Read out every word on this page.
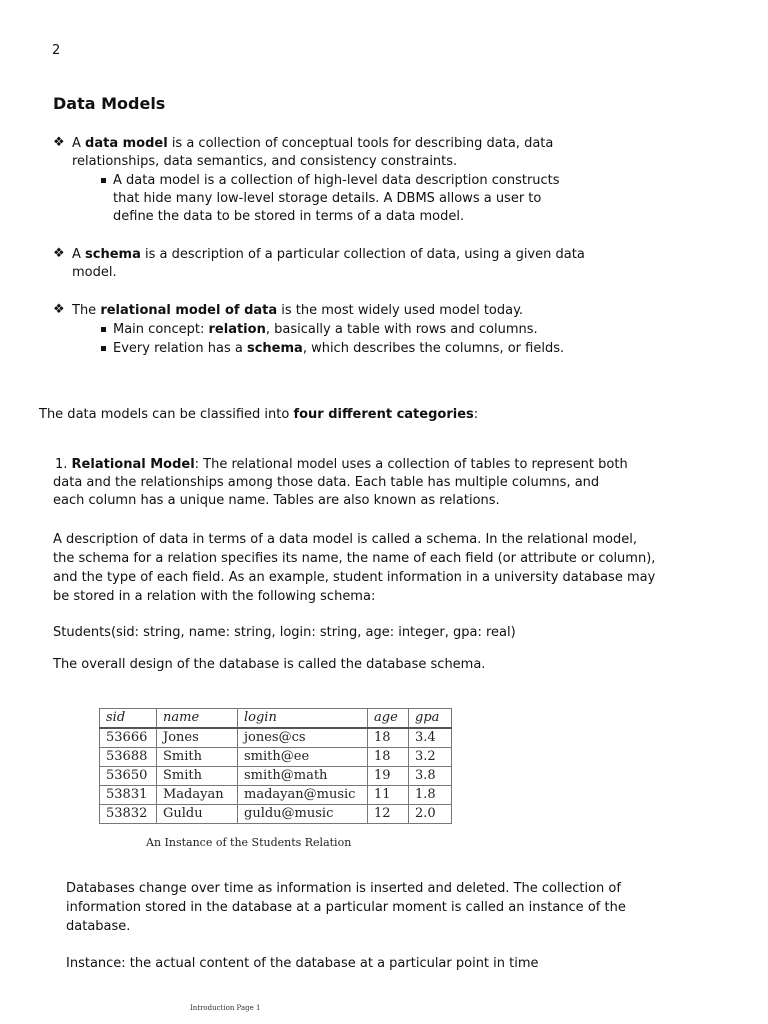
2
Data Models
❖ A data model is a collection of conceptual tools for describing data, data
relationships, data semantics, and consistency constraints.
A data model is a collection of high-level data description constructs
that hide many low-level storage details. A DBMS allows a user to
define the data to be stored in terms of a data model.
❖ A schema is a description of a particular collection of data, using a given data
model.
❖ The relational model of data is the most widely used model today.
Main concept: relation, basically a table with rows and columns.
Every relation has a schema, which describes the columns, or fields.
The data models can be classified into four different categories:
1. Relational Model: The relational model uses a collection of tables to represent both
data and the relationships among those data. Each table has multiple columns, and
each column has a unique name. Tables are also known as relations.
A description of data in terms of a data model is called a schema. In the relational model,
the schema for a relation specifies its name, the name of each field (or attribute or column),
and the type of each field. As an example, student information in a university database may
be stored in a relation with the following schema:
Students(sid: string, name: string, login: string, age: integer, gpa: real)
The overall design of the database is called the database schema.
sid	name	login	age	gpa
53666	Jones	jones@cs	18	3.4
53688	Smith	smith@ee	18	3.2
53650	Smith	smith@math	19	3.8
53831	Madayan	madayan@music	11	1.8
53832	Guldu	guldu@music	12	2.0
An Instance of the Students Relation
Databases change over time as information is inserted and deleted. The collection of
information stored in the database at a particular moment is called an instance of the
database.
Instance: the actual content of the database at a particular point in time
Introduction Page 1
